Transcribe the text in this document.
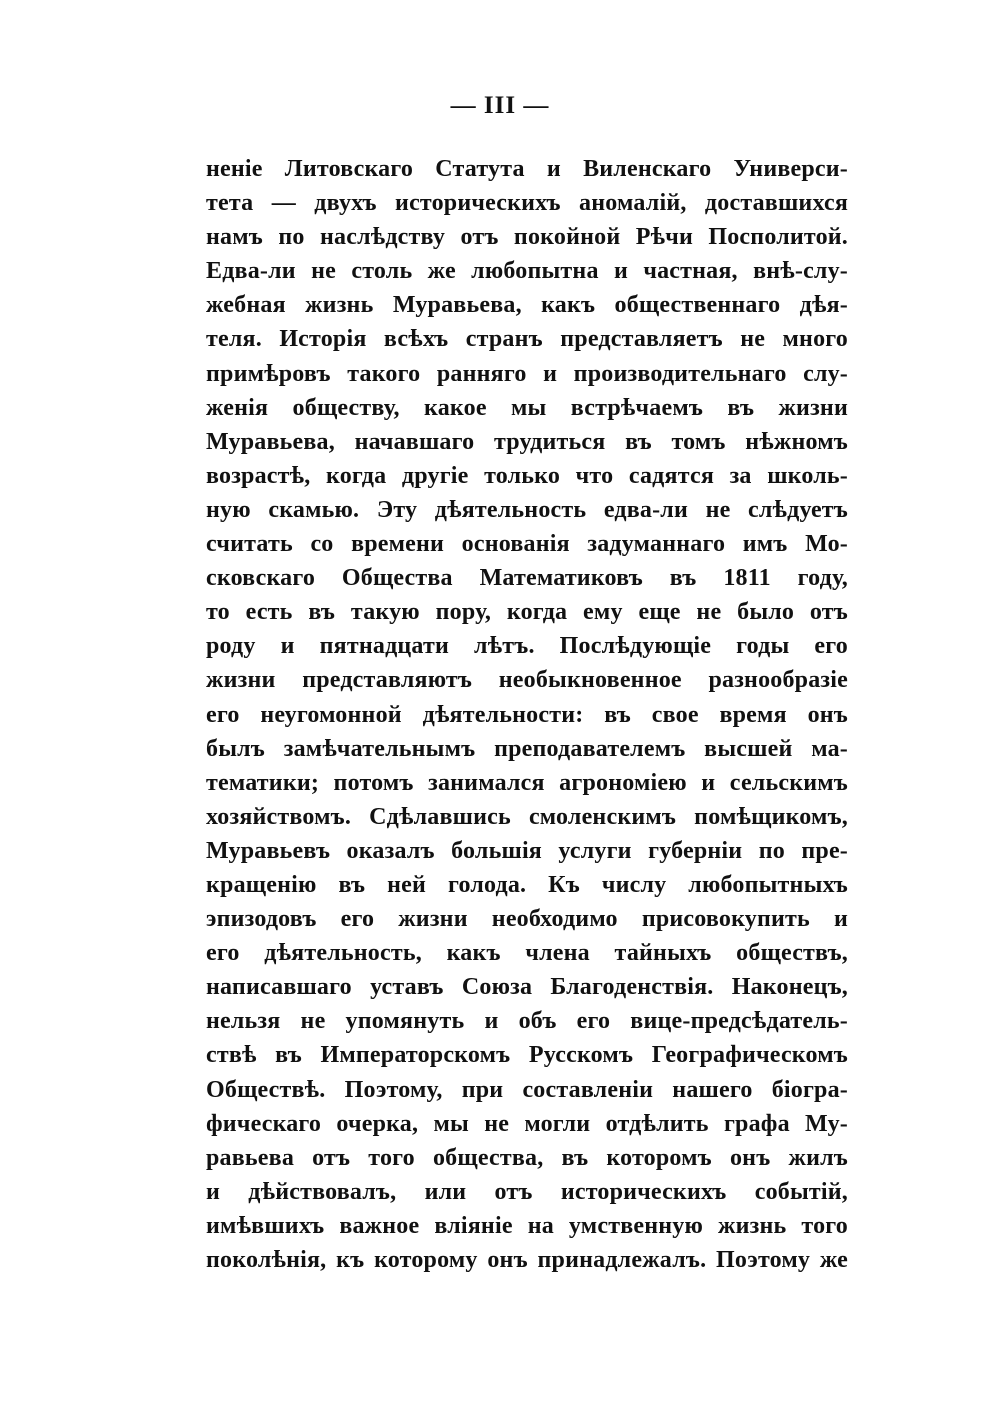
— III —
неніе Литовскаго Статута и Виленскаго Универси-
тета — двухъ историческихъ аномалій, доставшихся
намъ по наслѣдству отъ покойной Рѣчи Посполитой.
Едва-ли не столь же любопытна и частная, внѣ-слу-
жебная жизнь Муравьева, какъ общественнаго дѣя-
теля. Исторія всѣхъ странъ представляетъ не много
примѣровъ такого ранняго и производительнаго слу-
женія обществу, какое мы встрѣчаемъ въ жизни
Муравьева, начавшаго трудиться въ томъ нѣжномъ
возрастѣ, когда другіе только что садятся за школь-
ную скамью. Эту дѣятельность едва-ли не слѣдуетъ
считать со времени основанія задуманнаго имъ Мо-
сковскаго Общества Математиковъ въ 1811 году,
то есть въ такую пору, когда ему еще не было отъ
роду и пятнадцати лѣтъ. Послѣдующіе годы его
жизни представляютъ необыкновенное разнообразіе
его неугомонной дѣятельности: въ свое время онъ
былъ замѣчательнымъ преподавателемъ высшей ма-
тематики; потомъ занимался агрономіею и сельскимъ
хозяйствомъ. Сдѣлавшись смоленскимъ помѣщикомъ,
Муравьевъ оказалъ большія услуги губерніи по пре-
кращенію въ ней голода. Къ числу любопытныхъ
эпизодовъ его жизни необходимо присовокупить и
его дѣятельность, какъ члена тайныхъ обществъ,
написавшаго уставъ Союза Благоденствія. Наконецъ,
нельзя не упомянуть и объ его вице-предсѣдатель-
ствѣ въ Императорскомъ Русскомъ Географическомъ
Обществѣ. Поэтому, при составленіи нашего біогра-
фическаго очерка, мы не могли отдѣлить графа Му-
равьева отъ того общества, въ которомъ онъ жилъ
и дѣйствовалъ, или отъ историческихъ событій,
имѣвшихъ важное вліяніе на умственную жизнь того
поколѣнія, къ которому онъ принадлежалъ. Поэтому же
